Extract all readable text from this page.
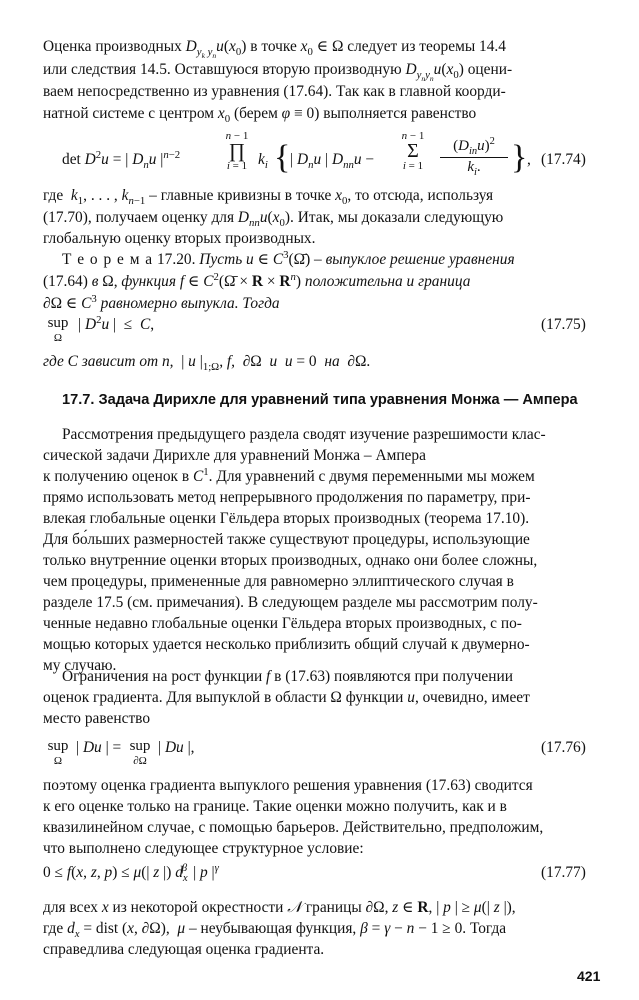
Оценка производных $D_{y_k y_n}u(x_0)$ в точке $x_0$ ∈ Ω следует из теоремы 14.4
или следствия 14.5. Оставшуюся вторую производную $D_{y_ny_n}u(x_0)$ оцени-
ваем непосредственно из уравнения (17.64). Так как в главной коорди-
натной системе с центром $x_0$ (берем φ ≡ 0) выполняется равенство
$\det D^2u$ = | $D_nu$ $|^{n-2}$
n − 1
∏
i = 1 $k_i$ { | $D_nu$ | $D_{nn}u$ −
n − 1
Σ
i = 1
$(D_{in}u)^2$
$k_i$. } , (17.74)
где  $k_1$, . . . , $k_{n-1}$ – главные кривизны в точке $x_0$, то отсюда, используя
(17.70), получаем оценку для $D_{nn}u(x_0)$. Итак, мы доказали следующую
глобальную оценку вторых производных.
Т е о р е м а 17.20. Пусть u ∈ $C^3(\Omegā)$ – выпуклое решение уравнения
(17.64) в Ω, функция f ∈ $C^2(\Omegā \times R \times R^n)$ положительна и граница
∂Ω ∈ $C^3$ равномерно выпукла. Тогда
sup
Ω
| $D^2u$ |  ≤  C,	(17.75)
где C зависит от n,  | u $|_{1;\Omega}$, f,  ∂Ω  и  u = 0  на  ∂Ω.
17.7. Задача Дирихле для уравнений типа уравнения Монжа — Ампера
Рассмотрения предыдущего раздела сводят изучение разрешимости клас-
сической задачи Дирихле для уравнений Монжа – Ампера
к получению оценок в $C^1$. Для уравнений с двумя переменными мы можем
прямо использовать метод непрерывного продолжения по параметру, при-
влекая глобальные оценки Гёльдера вторых производных (теорема 17.10).
Для бо́льших размерностей также существуют процедуры, использующие
только внутренние оценки вторых производных, однако они более сложны,
чем процедуры, примененные для равномерно эллиптического случая в
разделе 17.5 (см. примечания). В следующем разделе мы рассмотрим полу-
ченные недавно глобальные оценки Гёльдера вторых производных, с по-
мощью которых удается несколько приблизить общий случай к двумерно-
му случаю.
Ограничения на рост функции f в (17.63) появляются при получении
оценок градиента. Для выпуклой в области Ω функции u, очевидно, имеет
место равенство
sup
Ω
| Du | = sup
∂Ω
| Du |,	(17.76)
поэтому оценка градиента выпуклого решения уравнения (17.63) сводится
к его оценке только на границе. Такие оценки можно получить, как и в
квазилинейном случае, с помощью барьеров. Действительно, предположим,
что выполнено следующее структурное условие:
0 ≤ f(x, z, p) ≤ μ(| z |) $d_x^\beta$ | p $|^\gamma$	(17.77)
для всех x из некоторой окрестности 𝒩 границы ∂Ω, z ∈ R, | p | ≥ μ(| z |),
где $d_x$ = dist (x, ∂Ω),  μ – неубывающая функция, β = γ − n − 1 ≥ 0. Тогда
справедлива следующая оценка градиента.
421
